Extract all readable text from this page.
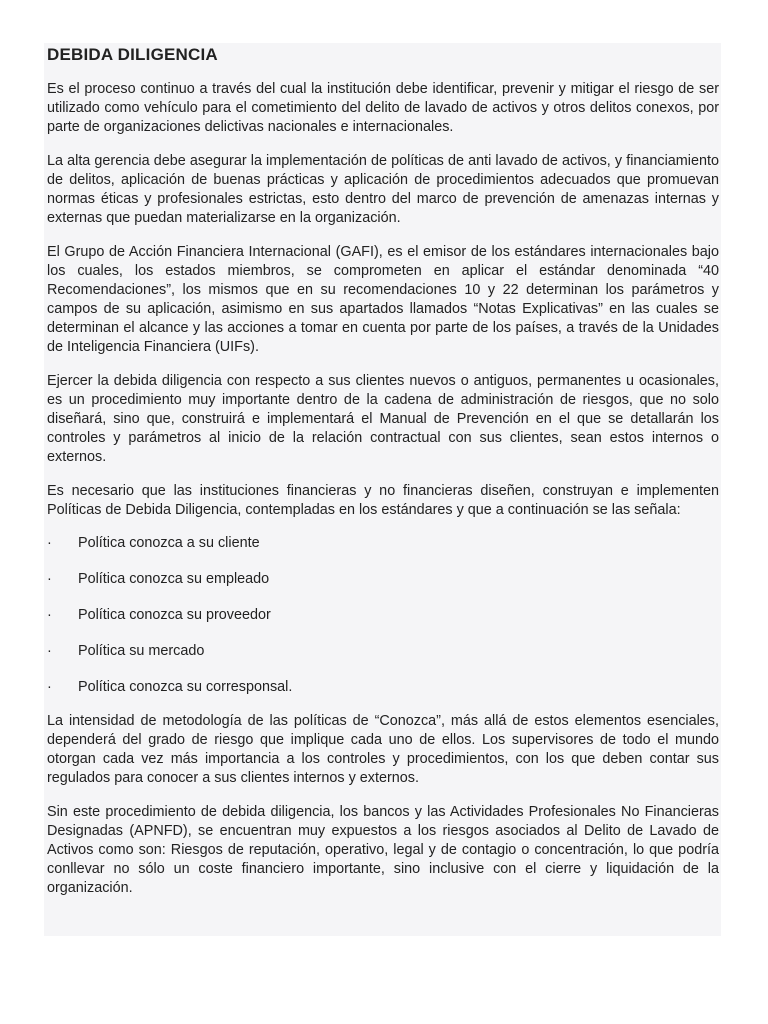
DEBIDA DILIGENCIA

Es el proceso continuo a través del cual la institución debe identificar, prevenir y mitigar el riesgo de ser utilizado como vehículo para el cometimiento del delito de lavado de activos y otros delitos conexos, por parte de organizaciones delictivas nacionales e internacionales.

La alta gerencia debe asegurar la implementación de políticas de anti lavado de activos, y financiamiento de delitos, aplicación de buenas prácticas y aplicación de procedimientos adecuados que promuevan normas éticas y profesionales estrictas, esto dentro del marco de prevención de amenazas internas y externas que puedan materializarse en la organización.

El Grupo de Acción Financiera Internacional (GAFI), es el emisor de los estándares internacionales bajo los cuales, los estados miembros, se comprometen en aplicar el estándar denominada “40 Recomendaciones”, los mismos que en su recomendaciones 10 y 22 determinan los parámetros y campos de su aplicación, asimismo en sus apartados llamados “Notas Explicativas” en las cuales se determinan el alcance y las acciones a tomar en cuenta por parte de los países, a través de la Unidades de Inteligencia Financiera (UIFs).

Ejercer la debida diligencia con respecto a sus clientes nuevos o antiguos, permanentes u ocasionales, es un procedimiento muy importante dentro de la cadena de administración de riesgos, que no solo diseñará, sino que, construirá e implementará el Manual de Prevención en el que se detallarán los controles y parámetros al inicio de la relación contractual con sus clientes, sean estos internos o externos.

Es necesario que las instituciones financieras y no financieras diseñen, construyan e implementen Políticas de Debida Diligencia, contempladas en los estándares y que a continuación se las señala:

·	Política conozca a su cliente
·	Política conozca su empleado
·	Política conozca su proveedor
·	Política su mercado
·	Política conozca su corresponsal.

La intensidad de metodología de las políticas de “Conozca”, más allá de estos elementos esenciales, dependerá del grado de riesgo que implique cada uno de ellos. Los supervisores de todo el mundo otorgan cada vez más importancia a los controles y procedimientos, con los que deben contar sus regulados para conocer a sus clientes internos y externos.

Sin este procedimiento de debida diligencia, los bancos y las Actividades Profesionales No Financieras Designadas (APNFD), se encuentran muy expuestos a los riesgos asociados al Delito de Lavado de Activos como son: Riesgos de reputación, operativo, legal y de contagio o concentración, lo que podría conllevar no sólo un coste financiero importante, sino inclusive con el cierre y liquidación de la organización.
